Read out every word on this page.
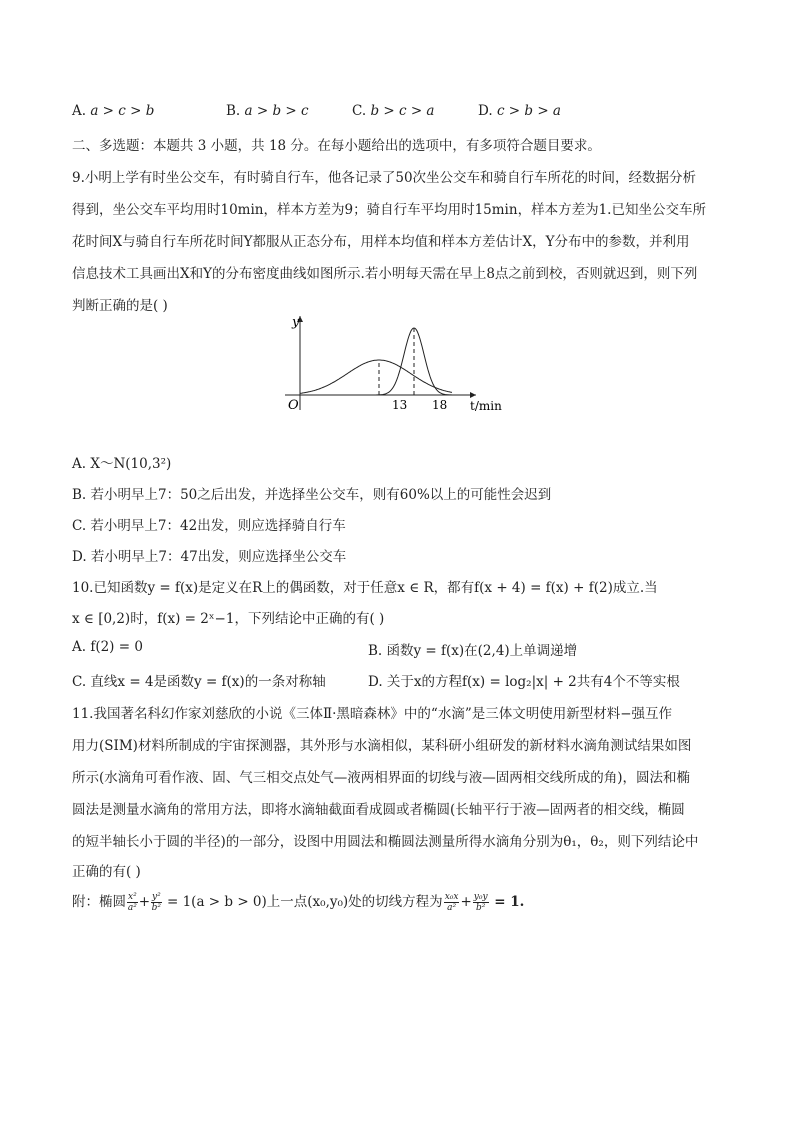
A. a > c > b	B. a > b > c	C. b > c > a	D. c > b > a
二、多选题：本题共 3 小题，共 18 分。在每小题给出的选项中，有多项符合题目要求。
9.小明上学有时坐公交车，有时骑自行车，他各记录了50次坐公交车和骑自行车所花的时间，经数据分析
得到，坐公交车平均用时10min，样本方差为9；骑自行车平均用时15min，样本方差为1.已知坐公交车所
花时间X与骑自行车所花时间Y都服从正态分布，用样本均值和样本方差估计X，Y分布中的参数，并利用
信息技术工具画出X和Y的分布密度曲线如图所示.若小明每天需在早上8点之前到校，否则就迟到，则下列
判断正确的是( )
y
O	13 18 t/min
A. X～N(10,3²)
B. 若小明早上7：50之后出发，并选择坐公交车，则有60%以上的可能性会迟到
C. 若小明早上7：42出发，则应选择骑自行车
D. 若小明早上7：47出发，则应选择坐公交车
10.已知函数y = f(x)是定义在R上的偶函数，对于任意x ∈ R，都有f(x + 4) = f(x) + f(2)成立.当
x ∈ [0,2)时，f(x) = 2ˣ−1，下列结论中正确的有( )
A. f(2) = 0	B. 函数y = f(x)在(2,4)上单调递增
C. 直线x = 4是函数y = f(x)的一条对称轴	D. 关于x的方程f(x) = log₂|x| + 2共有4个不等实根
11.我国著名科幻作家刘慈欣的小说《三体Ⅱ·黑暗森林》中的“水滴”是三体文明使用新型材料−强互作
用力(SIM)材料所制成的宇宙探测器，其外形与水滴相似，某科研小组研发的新材料水滴角测试结果如图
所示(水滴角可看作液、固、气三相交点处气—液两相界面的切线与液—固两相交线所成的角)，圆法和椭
圆法是测量水滴角的常用方法，即将水滴轴截面看成圆或者椭圆(长轴平行于液—固两者的相交线，椭圆
的短半轴长小于圆的半径)的一部分，设图中用圆法和椭圆法测量所得水滴角分别为θ₁，θ₂，则下列结论中
正确的有( )
附：椭圆 $\frac{\text{x²}}{\text{a²}} + \frac{\text{y²}}{\text{b²}} = 1(a > b > 0)$上一点(x₀,y₀)处的切线方程为 $\frac{\text{x₀x}}{\text{a²}} + \frac{\text{y₀y}}{\text{b²}} = 1$.
